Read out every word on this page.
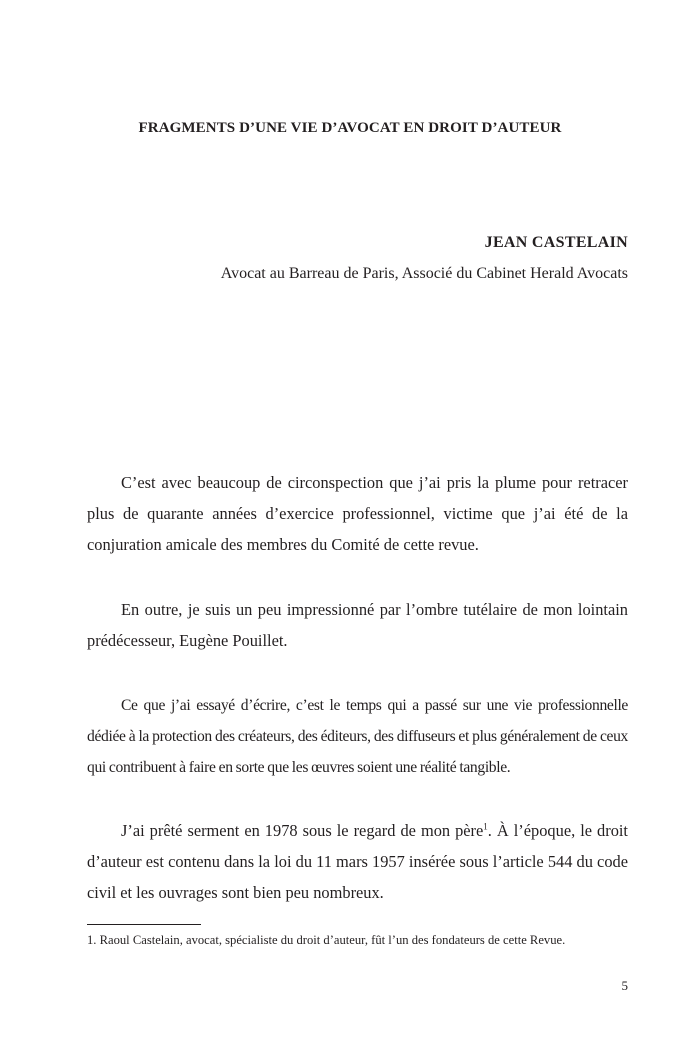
FRAGMENTS D’UNE VIE D’AVOCAT EN DROIT D’AUTEUR
JEAN CASTELAIN
Avocat au Barreau de Paris, Associé du Cabinet Herald Avocats

C’est avec beaucoup de circonspection que j’ai pris la plume pour retracer plus de quarante années d’exercice professionnel, victime que j’ai été de la conjuration amicale des membres du Comité de cette revue.

En outre, je suis un peu impressionné par l’ombre tutélaire de mon lointain prédécesseur, Eugène Pouillet.

Ce que j’ai essayé d’écrire, c’est le temps qui a passé sur une vie professionnelle dédiée à la protection des créateurs, des éditeurs, des diffuseurs et plus généralement de ceux qui contribuent à faire en sorte que les œuvres soient une réalité tangible.

J’ai prêté serment en 1978 sous le regard de mon père$^1$. À l’époque, le droit d’auteur est contenu dans la loi du 11 mars 1957 insérée sous l’article 544 du code civil et les ouvrages sont bien peu nombreux.

1. Raoul Castelain, avocat, spécialiste du droit d’auteur, fût l’un des fondateurs de cette Revue.
5
